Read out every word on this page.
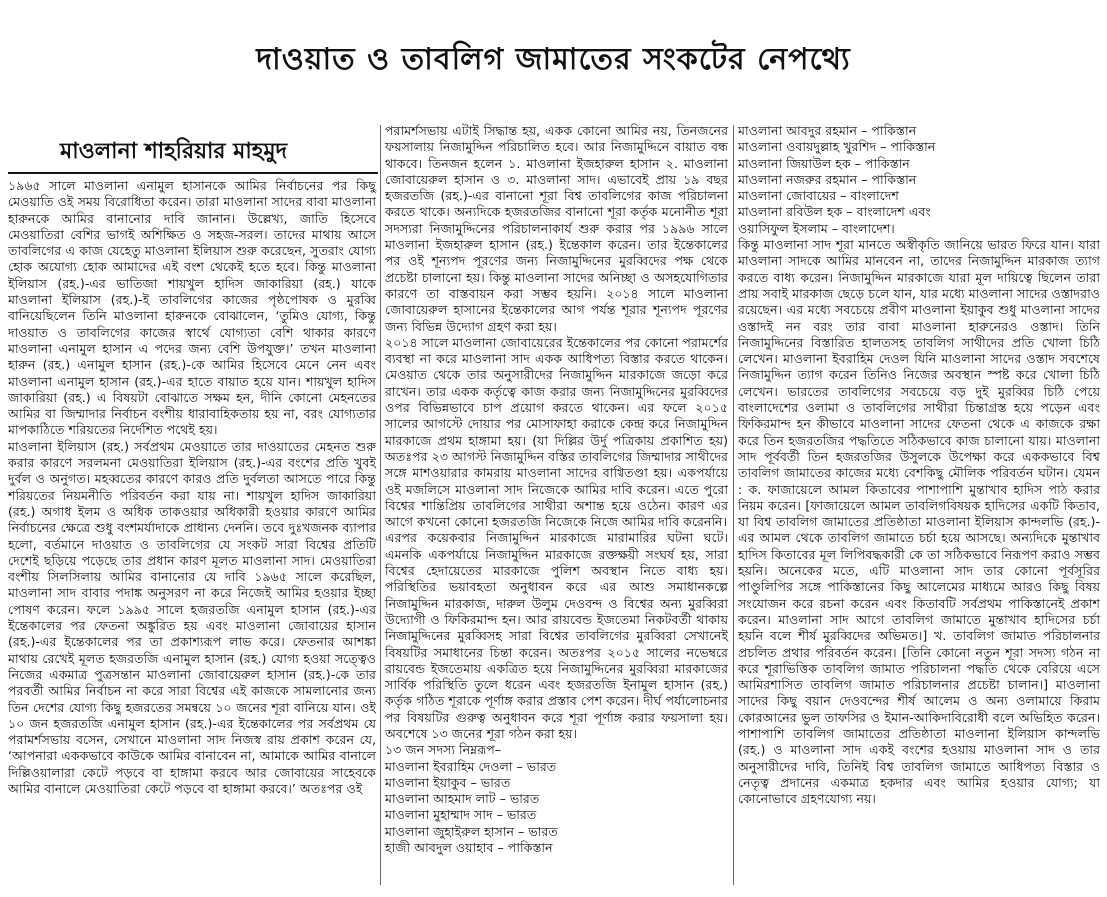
দাওয়াত ও তাবলিগ জামাতের সংকটের নেপথ্যে
মাওলানা শাহরিয়ার মাহমুদ

১৯৬৫ সালে মাওলানা এনামুল হাসানকে আমির নির্বাচনের পর কিছু মেওয়াতি ওই সময় বিরোধিতা করেন। তারা মাওলানা সাদের বাবা মাওলানা হারুনকে আমির বানানোর দাবি জানান। উল্লেখ্য, জাতি হিসেবে মেওয়াতিরা বেশির ভাগই অশিক্ষিত ও সহজ-সরল। তাদের মাথায় আসে তাবলিগের এ কাজ যেহেতু মাওলানা ইলিয়াস শুরু করেছেন, সুতরাং যোগ্য হোক অযোগ্য হোক আমাদের এই বংশ থেকেই হতে হবে। কিন্তু মাওলানা ইলিয়াস (রহ.)-এর ভাতিজা শায়খুল হাদিস জাকারিয়া (রহ.) যাকে মাওলানা ইলিয়াস (রহ.)-ই তাবলিগের কাজের পৃষ্ঠপোষক ও মুরব্বি বানিয়েছিলেন তিনি মাওলানা হারুনকে বোঝালেন, ‘তুমিও যোগ্য, কিন্তু দাওয়াত ও তাবলিগের কাজের স্বার্থে যোগ্যতা বেশি থাকার কারণে মাওলানা এনামুল হাসান এ পদের জন্য বেশি উপযুক্ত।’ তখন মাওলানা হারুন (রহ.) এনামুল হাসান (রহ.)-কে আমির হিসেবে মেনে নেন এবং মাওলানা এনামুল হাসান (রহ.)-এর হাতে বায়াত হয়ে যান। শায়খুল হাদিস জাকারিয়া (রহ.) এ বিষয়টা বোঝাতে সক্ষম হন, দীনি কোনো মেহনতের আমির বা জিম্মাদার নির্বাচন বংশীয় ধারাবাহিকতায় হয় না, বরং যোগ্যতার মাপকাঠিতে শরিয়তের নির্দেশিত পথেই হয়।

মাওলানা ইলিয়াস (রহ.) সর্বপ্রথম মেওয়াতে তার দাওয়াতের মেহনত শুরু করার কারণে সরলমনা মেওয়াতিরা ইলিয়াস (রহ.)-এর বংশের প্রতি খুবই দুর্বল ও অনুগত। মহব্বতের কারণে কারও প্রতি দুর্বলতা আসতে পারে কিন্তু শরিয়তের নিয়মনীতি পরিবর্তন করা যায় না। শায়খুল হাদিস জাকারিয়া (রহ.) অগাধ ইলম ও অধিক তাকওয়ার অধিকারী হওয়ার কারণে আমির নির্বাচনের ক্ষেত্রে শুধু বংশমর্যাদাকে প্রাধান্য দেননি। তবে দুঃখজনক ব্যাপার হলো, বর্তমানে দাওয়াত ও তাবলিগের যে সংকট সারা বিশ্বের প্রতিটি দেশেই ছড়িয়ে পড়েছে তার প্রধান কারণ মূলত মাওলানা সাদ। মেওয়াতিরা বংশীয় সিলসিলায় আমির বানানোর যে দাবি ১৯৬৫ সালে করেছিল, মাওলানা সাদ বাবার পদাঙ্ক অনুসরণ না করে নিজেই আমির হওয়ার ইচ্ছা পোষণ করেন। ফলে ১৯৯৫ সালে হজরতজি এনামুল হাসান (রহ.)-এর ইন্তেকালের পর ফেতনা অঙ্কুরিত হয় এবং মাওলানা জোবায়ের হাসান (রহ.)-এর ইন্তেকালের পর তা প্রকাশ্যরূপ লাভ করে। ফেতনার আশঙ্কা মাথায় রেখেই মূলত হজরতজি এনামুল হাসান (রহ.) যোগ্য হওয়া সত্ত্বেও নিজের একমাত্র পুত্রসন্তান মাওলানা জোবায়েরুল হাসান (রহ.)-কে তার পরবর্তী আমির নির্বাচন না করে সারা বিশ্বের এই কাজকে সামলানোর জন্য তিন দেশের যোগ্য কিছু হজরতের সমন্বয়ে ১০ জনের শূরা বানিয়ে যান। ওই ১০ জন হজরতজি এনামুল হাসান (রহ.)-এর ইন্তেকালের পর সর্বপ্রথম যে পরামর্শসভায় বসেন, সেখানে মাওলানা সাদ নিজস্ব রায় প্রকাশ করেন যে, ‘আপনারা এককভাবে কাউকে আমির বানাবেন না, আমাকে আমির বানালে দিল্লিওয়ালারা কেটে পড়বে বা হাঙ্গামা করবে আর জোবায়ের সাহেবকে আমির বানালে মেওয়াতিরা কেটে পড়বে বা হাঙ্গামা করবে।’ অতঃপর ওই

পরামর্শসভায় এটাই সিদ্ধান্ত হয়, একক কোনো আমির নয়, তিনজনের ফয়সালায় নিজামুদ্দিন পরিচালিত হবে। আর নিজামুদ্দিনে বায়াত বন্ধ থাকবে। তিনজন হলেন ১. মাওলানা ইজহারুল হাসান ২. মাওলানা জোবায়েরুল হাসান ও ৩. মাওলানা সাদ। এভাবেই প্রায় ১৯ বছর হজরতজি (রহ.)-এর বানানো শূরা বিশ্ব তাবলিগের কাজ পরিচালনা করতে থাকে। অন্যদিকে হজরতজির বানানো শূরা কর্তৃক মনোনীত শূরা সদস্যরা নিজামুদ্দিনের পরিচালনাকার্য শুরু করার পর ১৯৯৬ সালে মাওলানা ইজহারুল হাসান (রহ.) ইন্তেকাল করেন। তার ইন্তেকালের পর ওই শূন্যপদ পূরণের জন্য নিজামুদ্দিনের মুরব্বিদের পক্ষ থেকে প্রচেষ্টা চালানো হয়। কিন্তু মাওলানা সাদের অনিচ্ছা ও অসহযোগিতার কারণে তা বাস্তবায়ন করা সম্ভব হয়নি। ২০১৪ সালে মাওলানা জোবায়েরুল হাসানের ইন্তেকালের আগ পর্যন্ত শূরার শূন্যপদ পূরণের জন্য বিভিন্ন উদ্যোগ গ্রহণ করা হয়।

২০১৪ সালে মাওলানা জোবায়েরের ইন্তেকালের পর কোনো পরামর্শের ব্যবস্থা না করে মাওলানা সাদ একক আধিপত্য বিস্তার করতে থাকেন। মেওয়াত থেকে তার অনুসারীদের নিজামুদ্দিন মারকাজে জড়ো করে রাখেন। তার একক কর্তৃত্বে কাজ করার জন্য নিজামুদ্দিনের মুরব্বিদের ওপর বিভিন্নভাবে চাপ প্রয়োগ করতে থাকেন। এর ফলে ২০১৫ সালের আগস্টে দোয়ার পর মোসাফাহা করাকে কেন্দ্র করে নিজামুদ্দিন মারকাজে প্রথম হাঙ্গামা হয়। (যা দিল্লির উর্দু পত্রিকায় প্রকাশিত হয়) অতঃপর ২৩ আগস্ট নিজামুদ্দিন বস্তির তাবলিগের জিম্মাদার সাথীদের সঙ্গে মাশওয়ারার কামরায় মাওলানা সাদের বাগ্বিতণ্ডা হয়। একপর্যায়ে ওই মজলিসে মাওলানা সাদ নিজেকে আমির দাবি করেন। এতে পুরো বিশ্বের শান্তিপ্রিয় তাবলিগের সাথীরা অশান্ত হয়ে ওঠেন। কারণ এর আগে কখনো কোনো হজরতজি নিজেকে নিজে আমির দাবি করেননি।

এরপর কয়েকবার নিজামুদ্দিন মারকাজে মারামারির ঘটনা ঘটে। এমনকি একপর্যায়ে নিজামুদ্দিন মারকাজে রক্তক্ষয়ী সংঘর্ষ হয়, সারা বিশ্বের হেদায়েতের মারকাজে পুলিশ অবস্থান নিতে বাধ্য হয়। পরিস্থিতির ভয়াবহতা অনুধাবন করে এর আশু সমাধানকল্পে নিজামুদ্দিন মারকাজ, দারুল উলুম দেওবন্দ ও বিশ্বের অন্য মুরব্বিরা উদ্যোগী ও ফিকিরমান্দ হন। আর রায়বেন্ড ইজতেমা নিকটবর্তী থাকায় নিজামুদ্দিনের মুরব্বিসহ সারা বিশ্বের তাবলিগের মুরব্বিরা সেখানেই বিষয়টির সমাধানের চিন্তা করেন। অতঃপর ২০১৫ সালের নভেম্বরে রায়বেন্ড ইজতেমায় একত্রিত হয়ে নিজামুদ্দিনের মুরব্বিরা মারকাজের সার্বিক পরিস্থিতি তুলে ধরেন এবং হজরতজি ইনামুল হাসান (রহ.) কর্তৃক গঠিত শূরাকে পূর্ণাঙ্গ করার প্রস্তাব পেশ করেন। দীর্ঘ পর্যালোচনার পর বিষয়টির গুরুত্ব অনুধাবন করে শূরা পূর্ণাঙ্গ করার ফয়সালা হয়। অবশেষে ১৩ জনের শূরা গঠন করা হয়।

১৩ জন সদস্য নিম্নরূপ–

মাওলানা ইবরাহিম দেওলা – ভারত
মাওলানা ইয়াকুব – ভারত
মাওলানা আহমাদ লাট – ভারত
মাওলানা মুহাম্মাদ সাদ – ভারত
মাওলানা জুহাইরুল হাসান – ভারত
হাজী আবদুল ওয়াহাব – পাকিস্তান
মাওলানা আবদুর রহমান – পাকিস্তান
মাওলানা ওবায়দুল্লাহ খুরশিদ – পাকিস্তান
মাওলানা জিয়াউল হক – পাকিস্তান
মাওলানা নজরুর রহমান – পাকিস্তান
মাওলানা জোবায়ের – বাংলাদেশ
মাওলানা রবিউল হক – বাংলাদেশ এবং
ওয়াসিফুল ইসলাম – বাংলাদেশ।

কিন্তু মাওলানা সাদ শূরা মানতে অস্বীকৃতি জানিয়ে ভারত ফিরে যান। যারা মাওলানা সাদকে আমির মানবেন না, তাদের নিজামুদ্দিন মারকাজ ত্যাগ করতে বাধ্য করেন। নিজামুদ্দিন মারকাজে যারা মূল দায়িত্বে ছিলেন তারা প্রায় সবাই মারকাজ ছেড়ে চলে যান, যার মধ্যে মাওলানা সাদের ওস্তাদরাও রয়েছেন। এর মধ্যে সবচেয়ে প্রবীণ মাওলানা ইয়াকুব শুধু মাওলানা সাদের ওস্তাদই নন বরং তার বাবা মাওলানা হারুনেরও ওস্তাদ। তিনি নিজামুদ্দিনের বিস্তারিত হালতসহ তাবলিগ সাথীদের প্রতি খোলা চিঠি লেখেন। মাওলানা ইবরাহিম দেওল যিনি মাওলানা সাদের ওস্তাদ সবশেষে নিজামুদ্দিন ত্যাগ করেন তিনিও নিজের অবস্থান স্পষ্ট করে খোলা চিঠি লেখেন। ভারতের তাবলিগের সবচেয়ে বড় দুই মুরব্বির চিঠি পেয়ে বাংলাদেশের ওলামা ও তাবলিগের সাথীরা চিন্তাগ্রস্ত হয়ে পড়েন এবং ফিকিরমান্দ হন কীভাবে মাওলানা সাদের ফেতনা থেকে এ কাজকে রক্ষা করে তিন হজরতজির পদ্ধতিতে সঠিকভাবে কাজ চালানো যায়। মাওলানা সাদ পূর্ববর্তী তিন হজরতজির উসুলকে উপেক্ষা করে এককভাবে বিশ্ব তাবলিগ জামাতের কাজের মধ্যে বেশকিছু মৌলিক পরিবর্তন ঘটান। যেমন : ক. ফাজায়েলে আমল কিতাবের পাশাপাশি মুন্তাখাব হাদিস পাঠ করার নিয়ম করেন। [ফাজায়েলে আমল তাবলিগবিষয়ক হাদিসের একটি কিতাব, যা বিশ্ব তাবলিগ জামাতের প্রতিষ্ঠাতা মাওলানা ইলিয়াস কান্দলভি (রহ.)-এর আমল থেকে তাবলিগ জামাতে চর্চা হয়ে আসছে। অন্যদিকে মুন্তাখাব হাদিস কিতাবের মূল লিপিবদ্ধকারী কে তা সঠিকভাবে নিরূপণ করাও সম্ভব হয়নি। অনেকের মতে, এটি মাওলানা সাদ তার কোনো পূর্বসূরির পাণ্ডুলিপির সঙ্গে পাকিস্তানের কিছু আলেমের মাধ্যমে আরও কিছু বিষয় সংযোজন করে রচনা করেন এবং কিতাবটি সর্বপ্রথম পাকিস্তানেই প্রকাশ করেন। মাওলানা সাদ আগে তাবলিগ জামাতে মুন্তাখাব হাদিসের চর্চা হয়নি বলে শীর্ষ মুরব্বিদের অভিমত।] খ. তাবলিগ জামাত পরিচালনার প্রচলিত প্রথার পরিবর্তন করেন। [তিনি কোনো নতুন শূরা সদস্য গঠন না করে শূরাভিত্তিক তাবলিগ জামাত পরিচালনা পদ্ধতি থেকে বেরিয়ে এসে আমিরশাসিত তাবলিগ জামাত পরিচালনার প্রচেষ্টা চালান।] মাওলানা সাদের কিছু বয়ান দেওবন্দের শীর্ষ আলেম ও অন্য ওলামায়ে কিরাম কোরআনের ভুল তাফসির ও ইমান-আকিদাবিরোধী বলে অভিহিত করেন। পাশাপাশি তাবলিগ জামাতের প্রতিষ্ঠাতা মাওলানা ইলিয়াস কান্দলভি (রহ.) ও মাওলানা সাদ একই বংশের হওয়ায় মাওলানা সাদ ও তার অনুসারীদের দাবি, তিনিই বিশ্ব তাবলিগ জামাতে আধিপত্য বিস্তার ও নেতৃত্ব প্রদানের একমাত্র হকদার এবং আমির হওয়ার যোগ্য; যা কোনোভাবে গ্রহণযোগ্য নয়।
